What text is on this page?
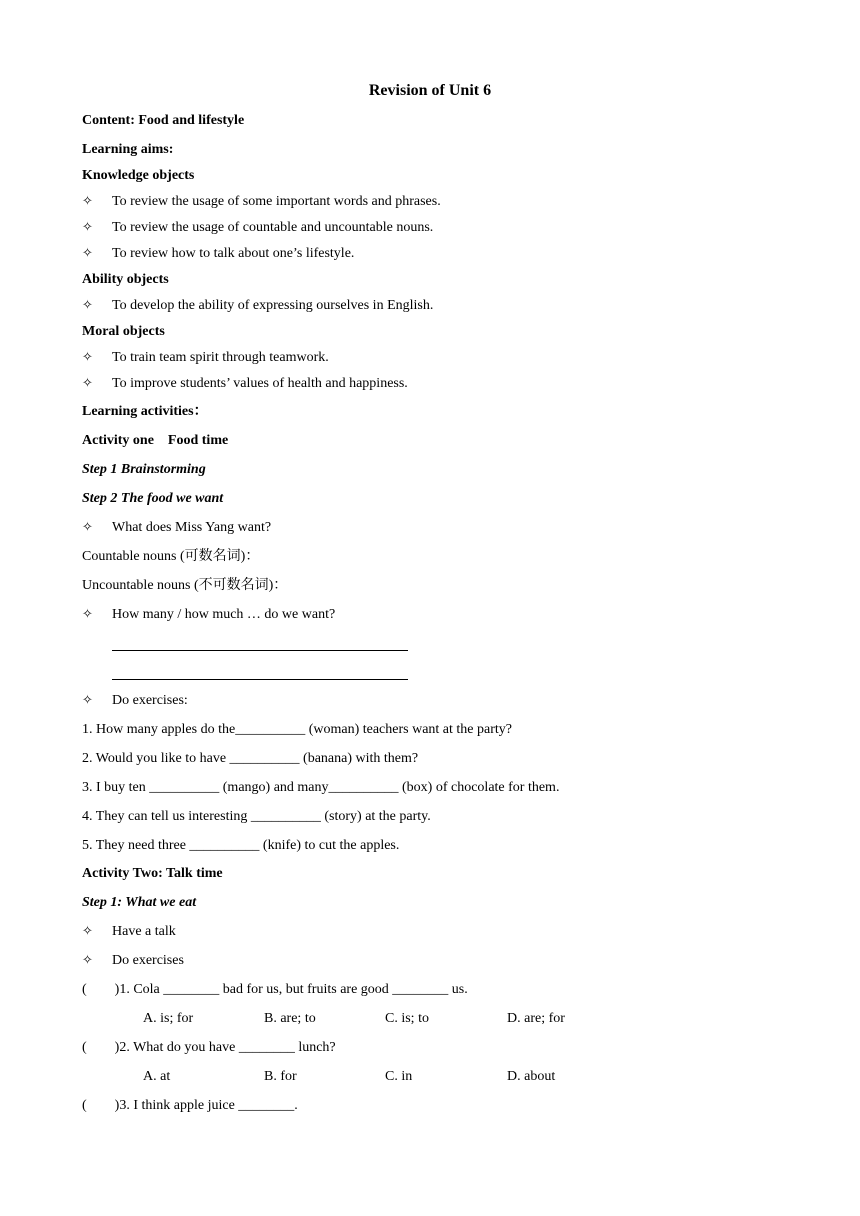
Revision of Unit 6
Content: Food and lifestyle
Learning aims:
Knowledge objects
✧ To review the usage of some important words and phrases.
✧ To review the usage of countable and uncountable nouns.
✧ To review how to talk about one’s lifestyle.
Ability objects
✧ To develop the ability of expressing ourselves in English.
Moral objects
✧ To train team spirit through teamwork.
✧ To improve students’ values of health and happiness.
Learning activities：
Activity one    Food time
Step 1 Brainstorming
Step 2 The food we want
✧ What does Miss Yang want?
Countable nouns (可数名词)：
Uncountable nouns (不可数名词)：
✧ How many / how much … do we want?
✧ Do exercises:
1. How many apples do the__________ (woman) teachers want at the party?
2. Would you like to have __________ (banana) with them?
3. I buy ten __________ (mango) and many__________ (box) of chocolate for them.
4. They can tell us interesting __________ (story) at the party.
5. They need three __________ (knife) to cut the apples.
Activity Two: Talk time
Step 1: What we eat
✧ Have a talk
✧ Do exercises
(        )1. Cola ________ bad for us, but fruits are good ________ us.
A. is; for	B. are; to	C. is; to	D. are; for
(        )2. What do you have ________ lunch?
A. at	B. for	C. in	D. about
(        )3. I think apple juice ________.
